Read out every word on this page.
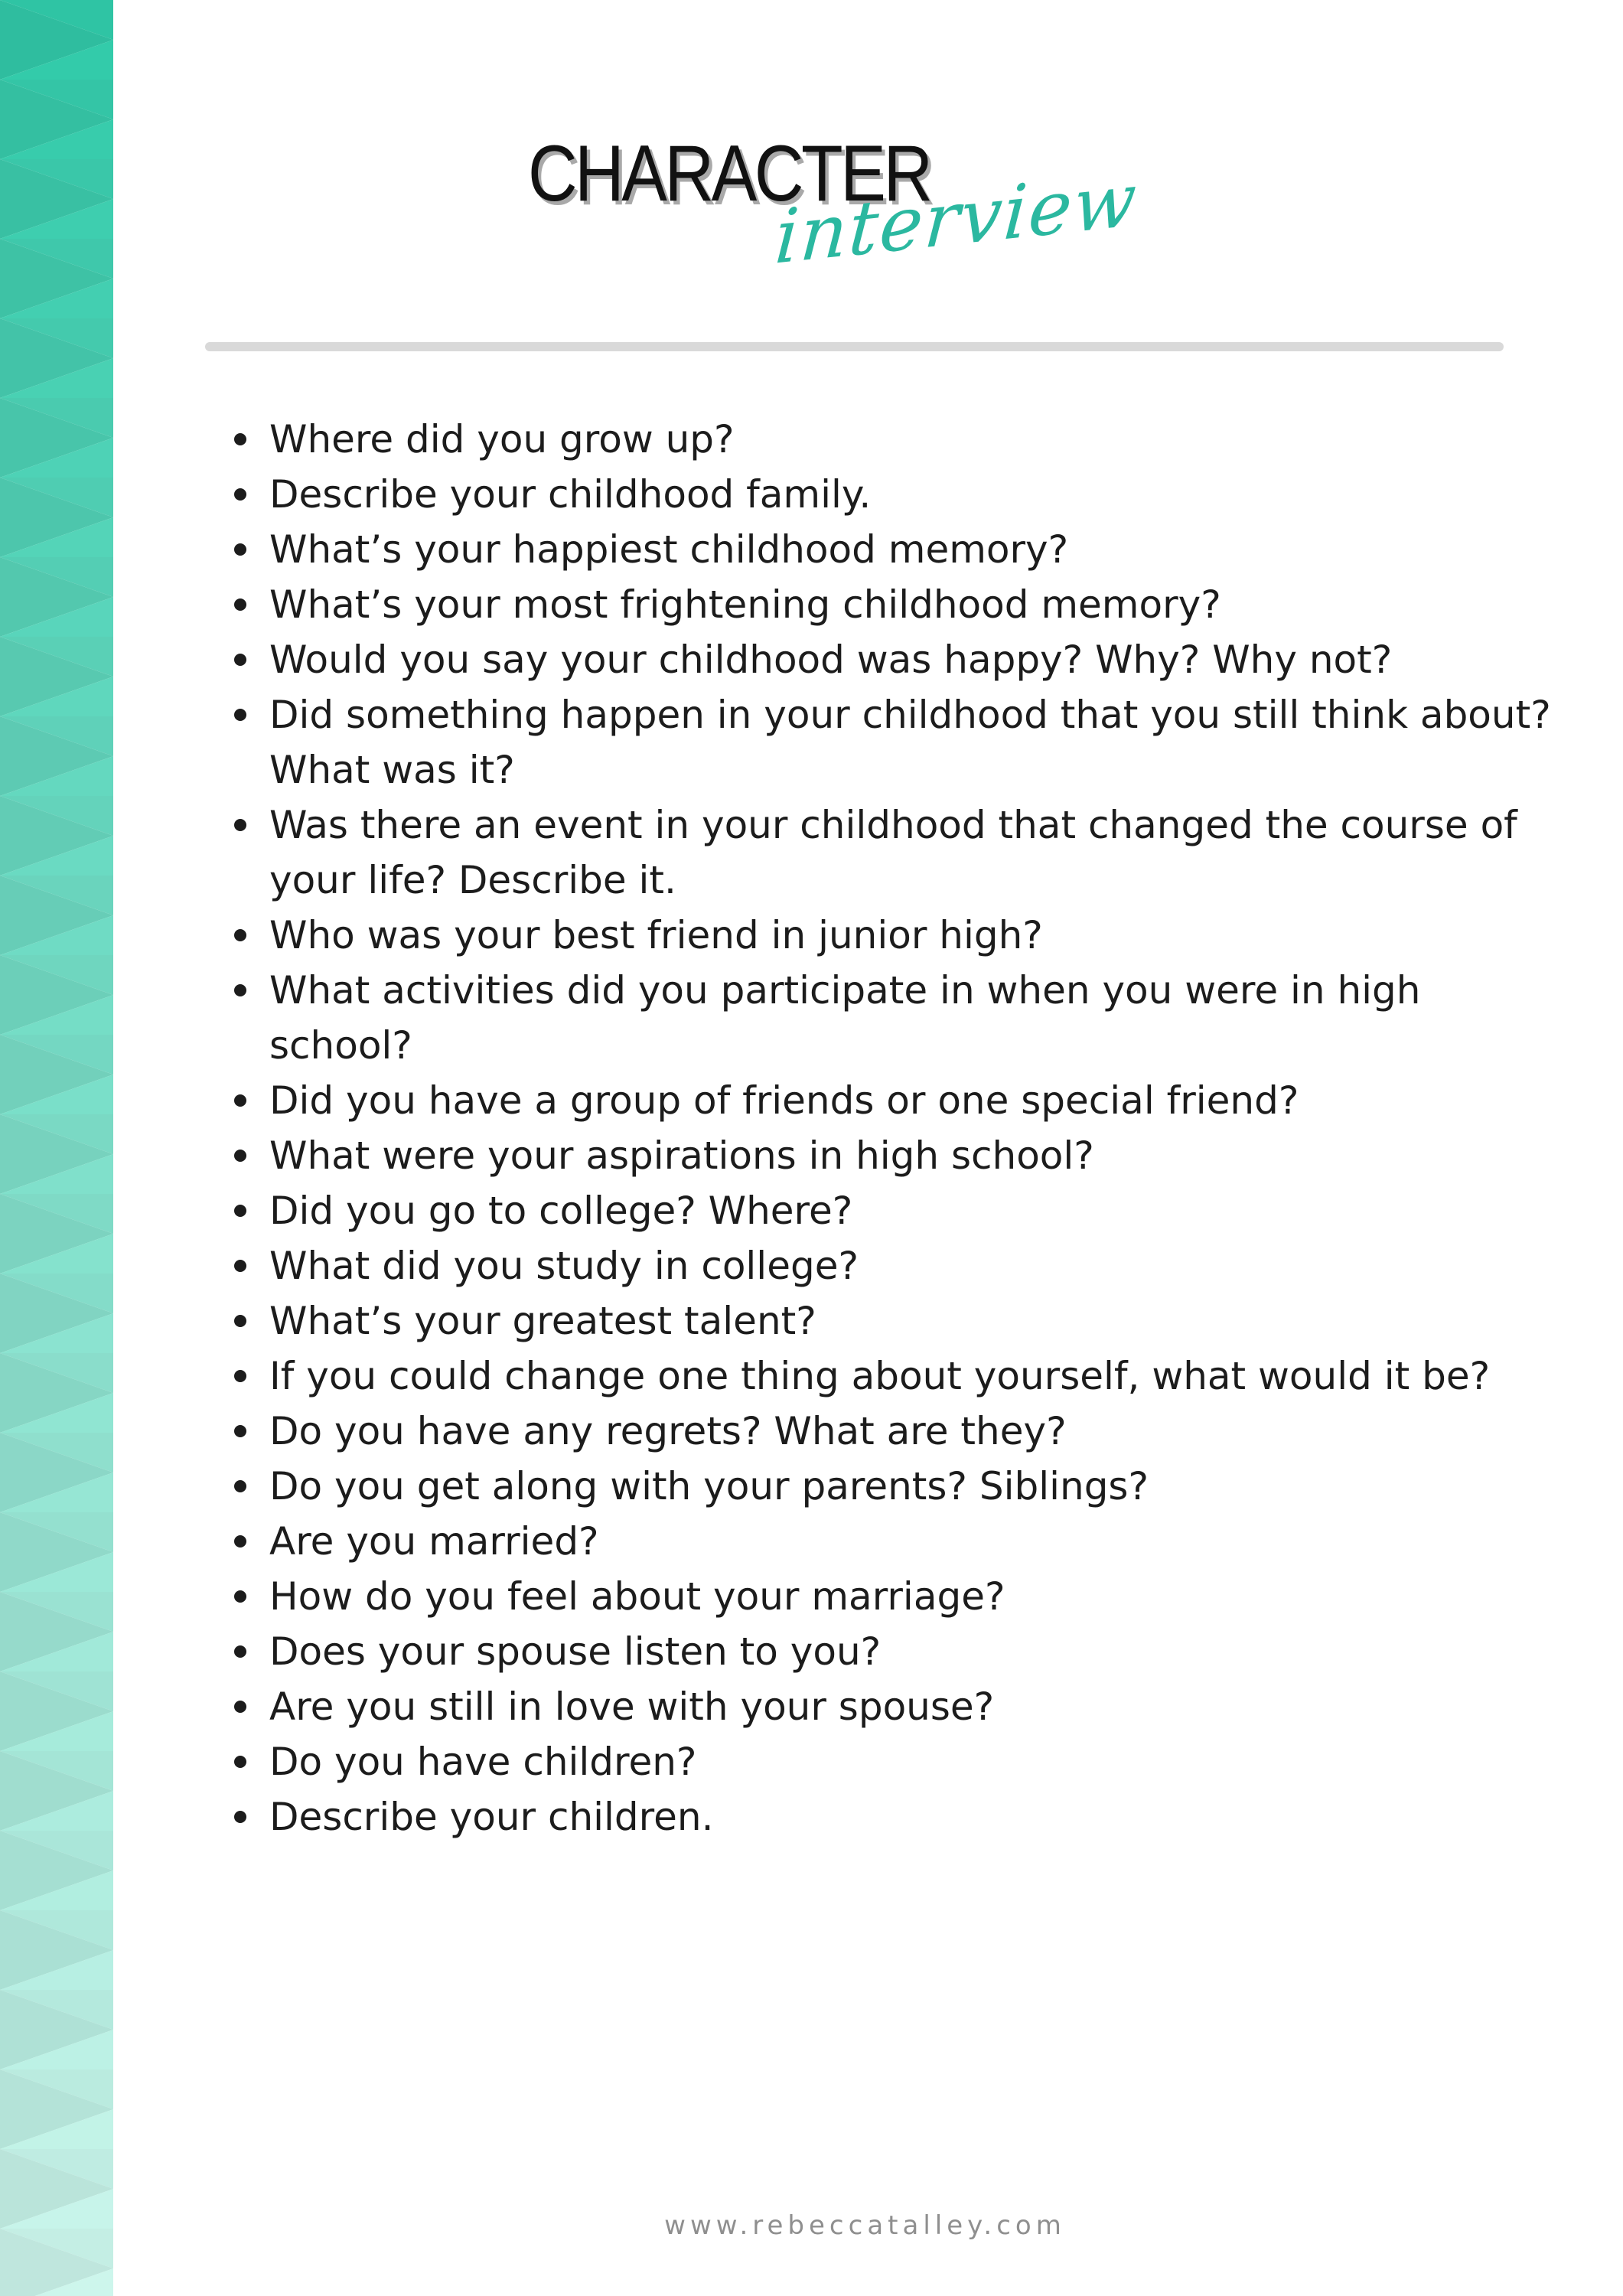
CHARACTER
interview
Where did you grow up?
Describe your childhood family.
What’s your happiest childhood memory?
What’s your most frightening childhood memory?
Would you say your childhood was happy? Why? Why not?
Did something happen in your childhood that you still think about? What was it?
Was there an event in your childhood that changed the course of your life? Describe it.
Who was your best friend in junior high?
What activities did you participate in when you were in high school?
Did you have a group of friends or one special friend?
What were your aspirations in high school?
Did you go to college? Where?
What did you study in college?
What’s your greatest talent?
If you could change one thing about yourself, what would it be?
Do you have any regrets? What are they?
Do you get along with your parents? Siblings?
Are you married?
How do you feel about your marriage?
Does your spouse listen to you?
Are you still in love with your spouse?
Do you have children?
Describe your children.
www.rebeccatalley.com
